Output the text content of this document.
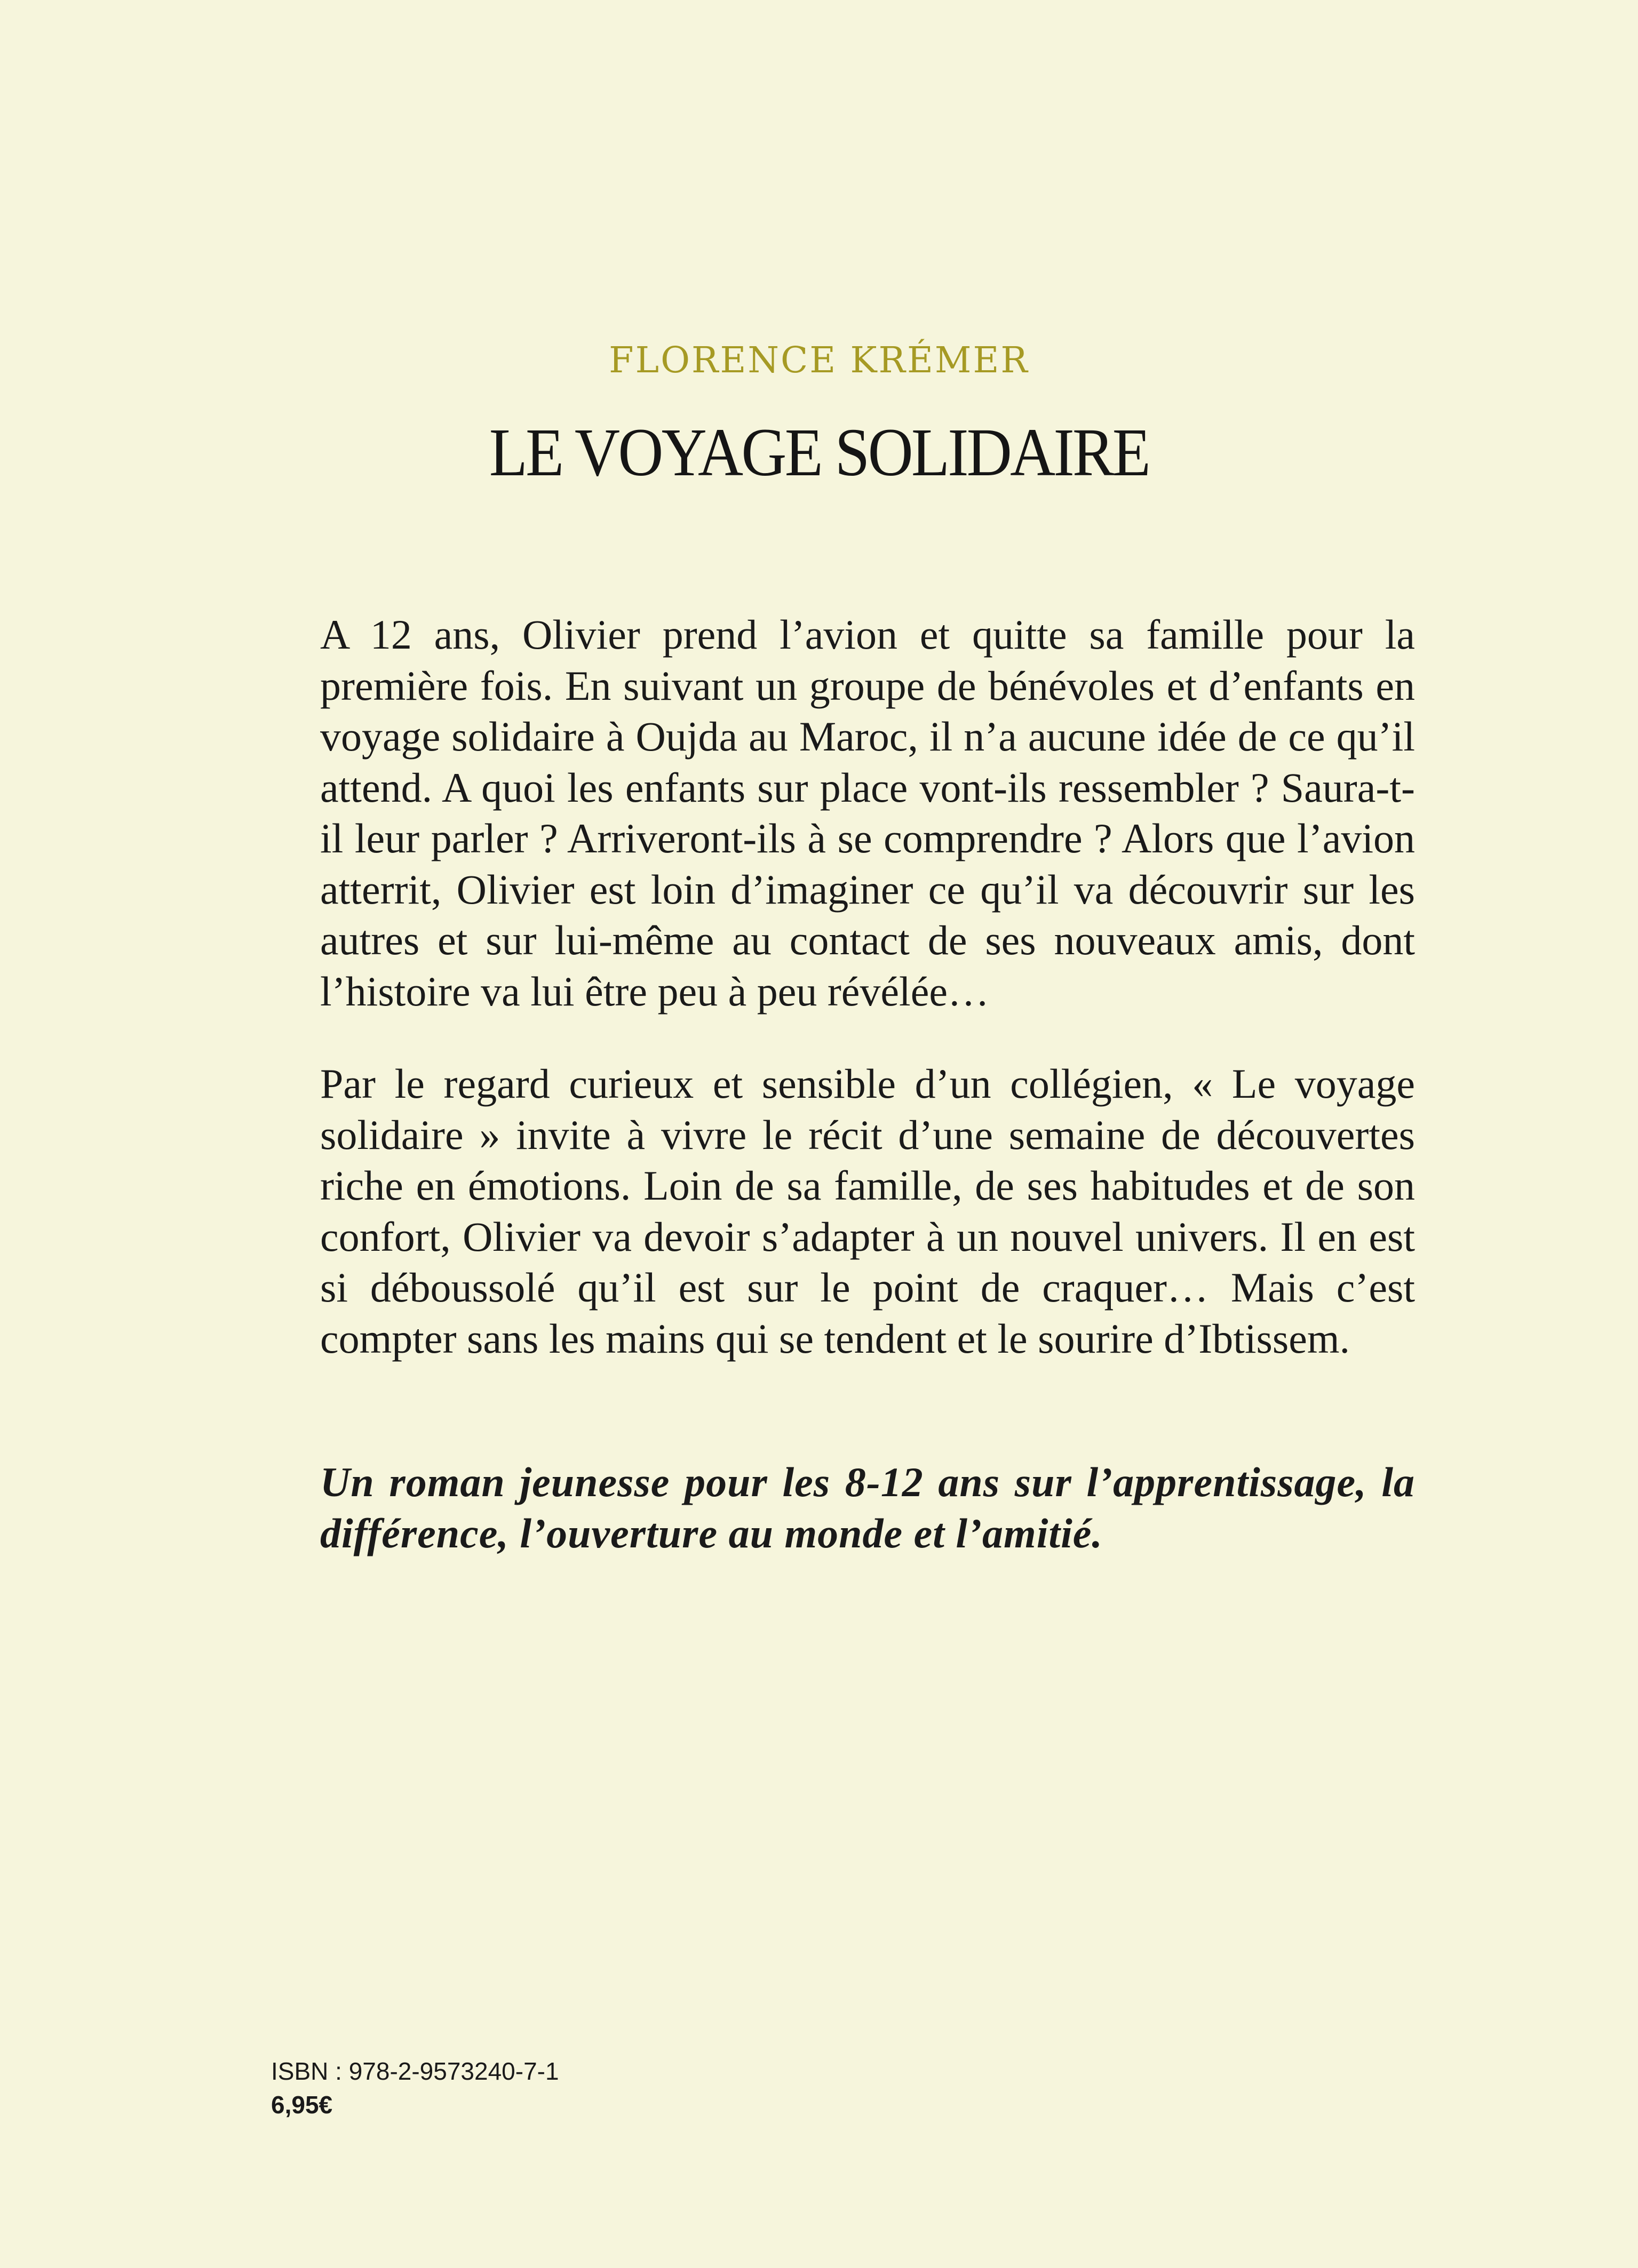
FLORENCE KRÉMER
LE VOYAGE SOLIDAIRE

A 12 ans, Olivier prend l’avion et quitte sa famille pour la première fois. En suivant un groupe de bénévoles et d’enfants en voyage solidaire à Oujda au Maroc, il n’a aucune idée de ce qu’il attend. A quoi les enfants sur place vont-ils ressembler ? Saura-t-il leur parler ? Arriveront-ils à se comprendre ? Alors que l’avion atterrit, Olivier est loin d’imaginer ce qu’il va découvrir sur les autres et sur lui-même au contact de ses nouveaux amis, dont l’histoire va lui être peu à peu révélée…

Par le regard curieux et sensible d’un collégien, « Le voyage solidaire » invite à vivre le récit d’une semaine de découvertes riche en émotions. Loin de sa famille, de ses habitudes et de son confort, Olivier va devoir s’adapter à un nouvel univers. Il en est si déboussolé qu’il est sur le point de craquer… Mais c’est compter sans les mains qui se tendent et le sourire d’Ibtissem.

Un roman jeunesse pour les 8-12 ans sur l’apprentissage, la différence, l’ouverture au monde et l’amitié.

ISBN : 978-2-9573240-7-1
6,95€
